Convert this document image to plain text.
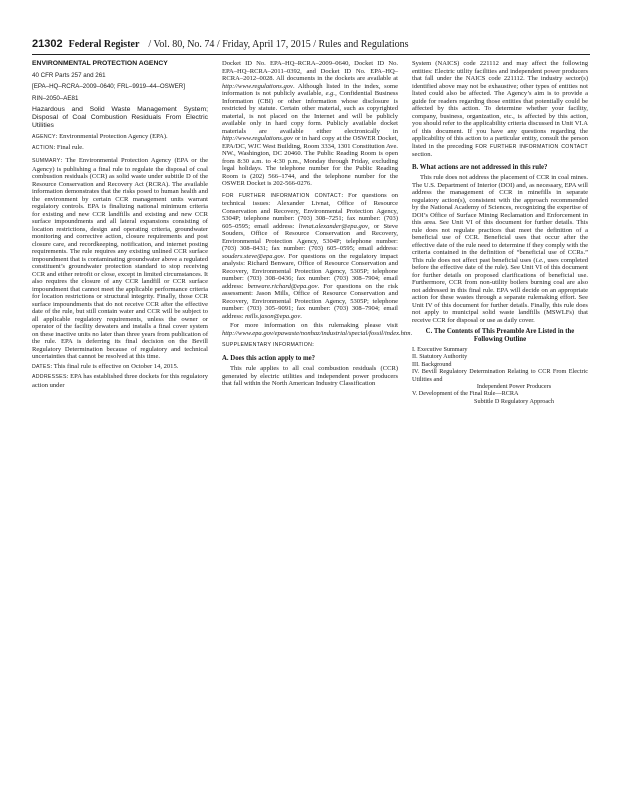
21302 Federal Register / Vol. 80, No. 74 / Friday, April 17, 2015 / Rules and Regulations

ENVIRONMENTAL PROTECTION AGENCY

40 CFR Parts 257 and 261

[EPA–HQ–RCRA–2009–0640; FRL–9919–44–OSWER]

RIN–2050–AE81

Hazardous and Solid Waste Management System; Disposal of Coal Combustion Residuals From Electric Utilities

AGENCY: Environmental Protection Agency (EPA).

ACTION: Final rule.

SUMMARY: The Environmental Protection Agency (EPA or the Agency) is publishing a final rule to regulate the disposal of coal combustion residuals (CCR) as solid waste under subtitle D of the Resource Conservation and Recovery Act (RCRA). The available information demonstrates that the risks posed to human health and the environment by certain CCR management units warrant regulatory controls. EPA is finalizing national minimum criteria for existing and new CCR landfills and existing and new CCR surface impoundments and all lateral expansions consisting of location restrictions, design and operating criteria, groundwater monitoring and corrective action, closure requirements and post closure care, and recordkeeping, notification, and internet posting requirements. The rule requires any existing unlined CCR surface impoundment that is contaminating groundwater above a regulated constituent’s groundwater protection standard to stop receiving CCR and either retrofit or close, except in limited circumstances. It also requires the closure of any CCR landfill or CCR surface impoundment that cannot meet the applicable performance criteria for location restrictions or structural integrity. Finally, those CCR surface impoundments that do not receive CCR after the effective date of the rule, but still contain water and CCR will be subject to all applicable regulatory requirements, unless the owner or operator of the facility dewaters and installs a final cover system on these inactive units no later than three years from publication of the rule. EPA is deferring its final decision on the Bevill Regulatory Determination because of regulatory and technical uncertainties that cannot be resolved at this time.

DATES: This final rule is effective on October 14, 2015.

ADDRESSES: EPA has established three dockets for this regulatory action under

Docket ID No. EPA–HQ–RCRA–2009–0640, Docket ID No. EPA–HQ–RCRA–2011–0392, and Docket ID No. EPA–HQ–RCRA–2012–0028. All documents in the dockets are available at http://www.regulations.gov. Although listed in the index, some information is not publicly available, e.g., Confidential Business Information (CBI) or other information whose disclosure is restricted by statute. Certain other material, such as copyrighted material, is not placed on the Internet and will be publicly available only in hard copy form. Publicly available docket materials are available either electronically in http://www.regulations.gov or in hard copy at the OSWER Docket, EPA/DC, WJC West Building, Room 3334, 1301 Constitution Ave. NW., Washington, DC 20460. The Public Reading Room is open from 8:30 a.m. to 4:30 p.m., Monday through Friday, excluding legal holidays. The telephone number for the Public Reading Room is (202) 566–1744, and the telephone number for the OSWER Docket is 202-566-0276.

FOR FURTHER INFORMATION CONTACT: For questions on technical issues: Alexander Livnat, Office of Resource Conservation and Recovery, Environmental Protection Agency, 5304P; telephone number: (703) 308–7251; fax number: (703) 605–0595; email address: livnat.alexander@epa.gov, or Steve Souders, Office of Resource Conservation and Recovery, Environmental Protection Agency, 5304P; telephone number: (703) 308–8431; fax number: (703) 605–0595; email address: souders.steve@epa.gov. For questions on the regulatory impact analysis: Richard Benware, Office of Resource Conservation and Recovery, Environmental Protection Agency, 5305P; telephone number: (703) 308–0436; fax number: (703) 308–7904; email address: benware.richard@epa.gov. For questions on the risk assessment: Jason Mills, Office of Resource Conservation and Recovery, Environmental Protection Agency, 5305P; telephone number: (703) 305–9091; fax number: (703) 308–7904; email address: mills.jason@epa.gov.

For more information on this rulemaking please visit http://www.epa.gov/epawaste/nonhaz/industrial/special/fossil/index.htm.

SUPPLEMENTARY INFORMATION:

A. Does this action apply to me?

This rule applies to all coal combustion residuals (CCR) generated by electric utilities and independent power producers that fall within the North American Industry Classification

System (NAICS) code 221112 and may affect the following entities: Electric utility facilities and independent power producers that fall under the NAICS code 221112. The industry sector(s) identified above may not be exhaustive; other types of entities not listed could also be affected. The Agency’s aim is to provide a guide for readers regarding those entities that potentially could be affected by this action. To determine whether your facility, company, business, organization, etc., is affected by this action, you should refer to the applicability criteria discussed in Unit VI.A of this document. If you have any questions regarding the applicability of this action to a particular entity, consult the person listed in the preceding FOR FURTHER INFORMATION CONTACT section.

B. What actions are not addressed in this rule?

This rule does not address the placement of CCR in coal mines. The U.S. Department of Interior (DOI) and, as necessary, EPA will address the management of CCR in minefills in separate regulatory action(s), consistent with the approach recommended by the National Academy of Sciences, recognizing the expertise of DOI’s Office of Surface Mining Reclamation and Enforcement in this area. See Unit VI of this document for further details. This rule does not regulate practices that meet the definition of a beneficial use of CCR. Beneficial uses that occur after the effective date of the rule need to determine if they comply with the criteria contained in the definition of “beneficial use of CCRs.” This rule does not affect past beneficial uses (i.e., uses completed before the effective date of the rule). See Unit VI of this document for further details on proposed clarifications of beneficial use. Furthermore, CCR from non-utility boilers burning coal are also not addressed in this final rule. EPA will decide on an appropriate action for these wastes through a separate rulemaking effort. See Unit IV of this document for further details. Finally, this rule does not apply to municipal solid waste landfills (MSWLFs) that receive CCR for disposal or use as daily cover.

C. The Contents of This Preamble Are Listed in the Following Outline

I. Executive Summary
II. Statutory Authority
III. Background
IV. Bevill Regulatory Determination Relating to CCR From Electric Utilities and
Independent Power Producers
V. Development of the Final Rule—RCRA
Subtitle D Regulatory Approach
